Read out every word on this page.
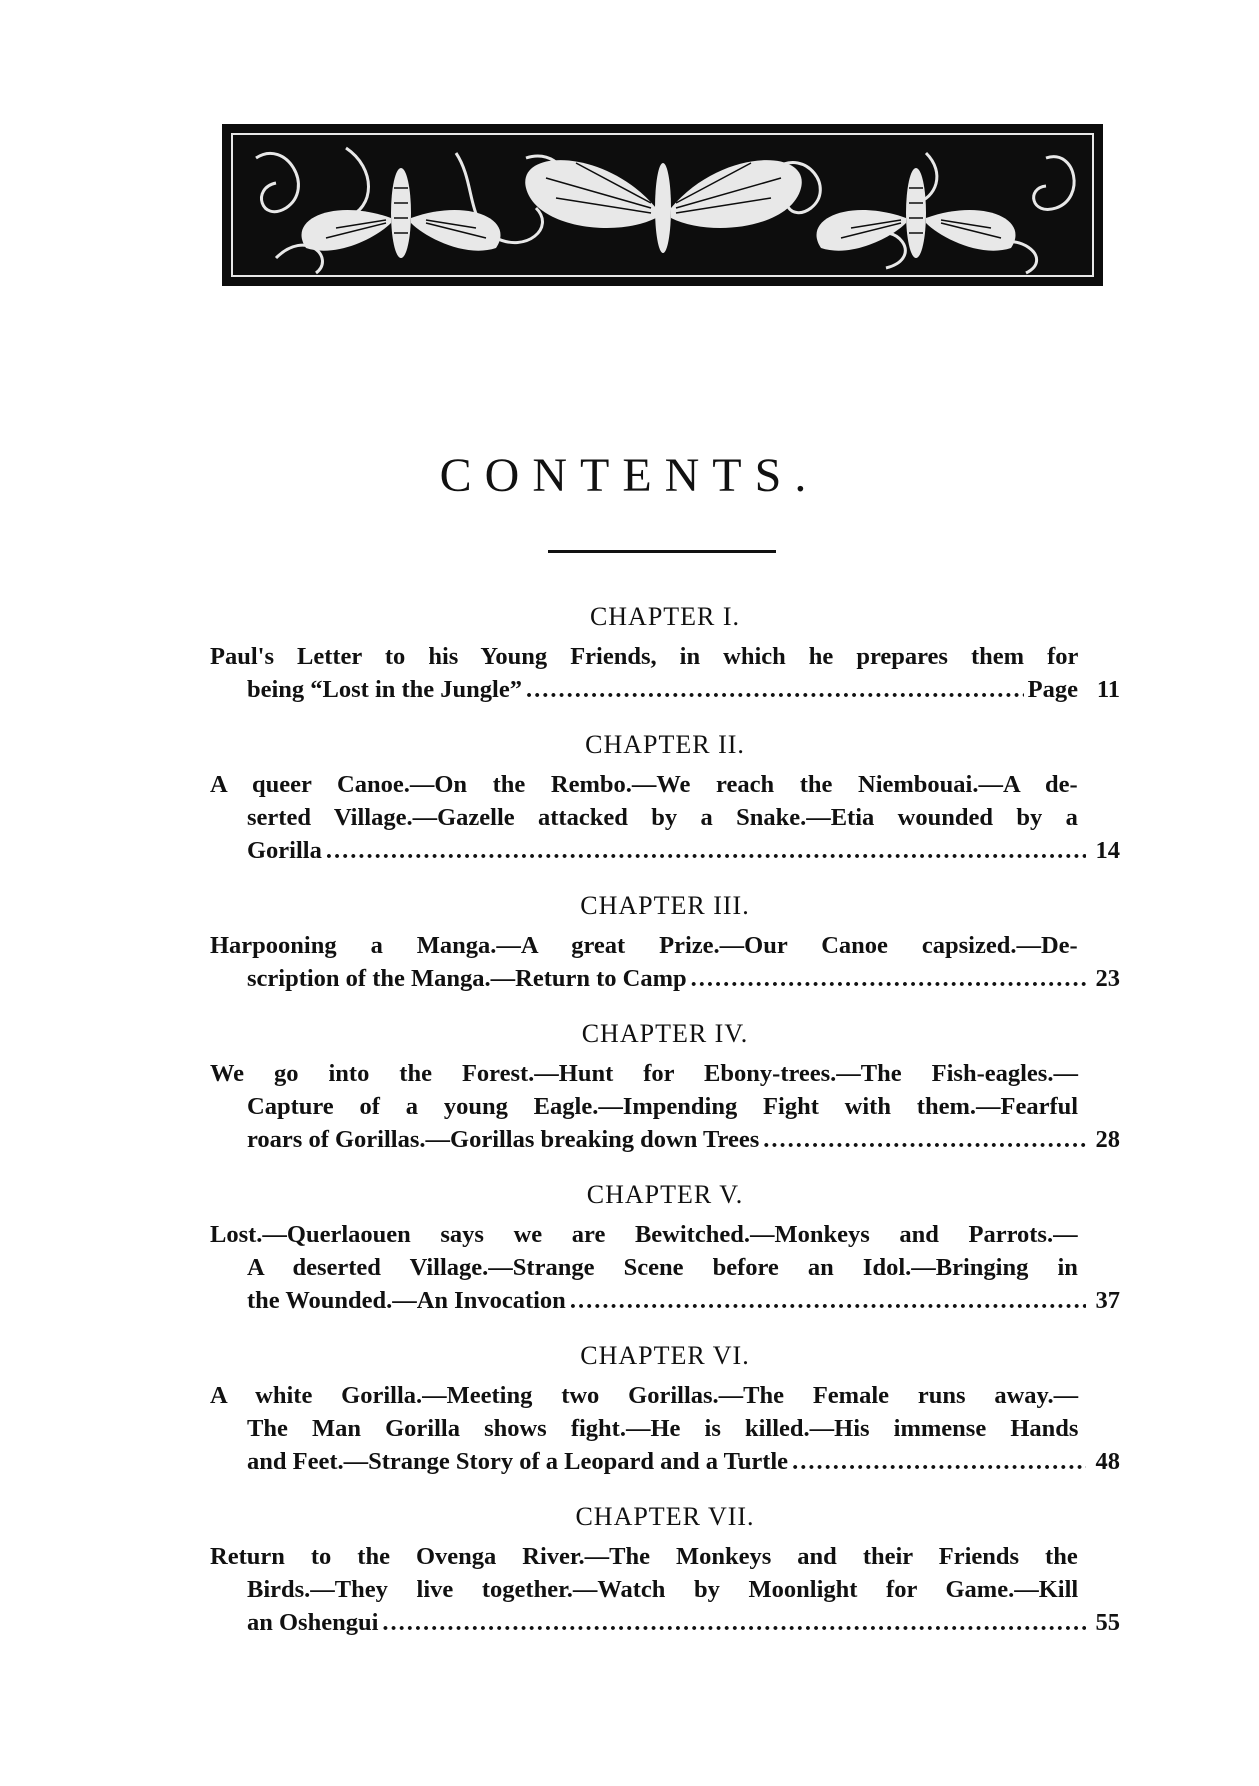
CONTENTS.
CHAPTER I.
Paul's Letter to his Young Friends, in which he prepares them for
being “Lost in the Jungle” .....	Page 11
CHAPTER II.
A queer Canoe.—On the Rembo.—We reach the Niembouai.—A de-
serted Village.—Gazelle attacked by a Snake.—Etia wounded by a
Gorilla .....	14
CHAPTER III.
Harpooning a Manga.—A great Prize.—Our Canoe capsized.—De-
scription of the Manga.—Return to Camp .....	23
CHAPTER IV.
We go into the Forest.—Hunt for Ebony-trees.—The Fish-eagles.—
Capture of a young Eagle.—Impending Fight with them.—Fearful
roars of Gorillas.—Gorillas breaking down Trees .....	28
CHAPTER V.
Lost.—Querlaouen says we are Bewitched.—Monkeys and Parrots.—
A deserted Village.—Strange Scene before an Idol.—Bringing in
the Wounded.—An Invocation .....	37
CHAPTER VI.
A white Gorilla.—Meeting two Gorillas.—The Female runs away.—
The Man Gorilla shows fight.—He is killed.—His immense Hands
and Feet.—Strange Story of a Leopard and a Turtle .....	48
CHAPTER VII.
Return to the Ovenga River.—The Monkeys and their Friends the
Birds.—They live together.—Watch by Moonlight for Game.—Kill
an Oshengui .....	55
